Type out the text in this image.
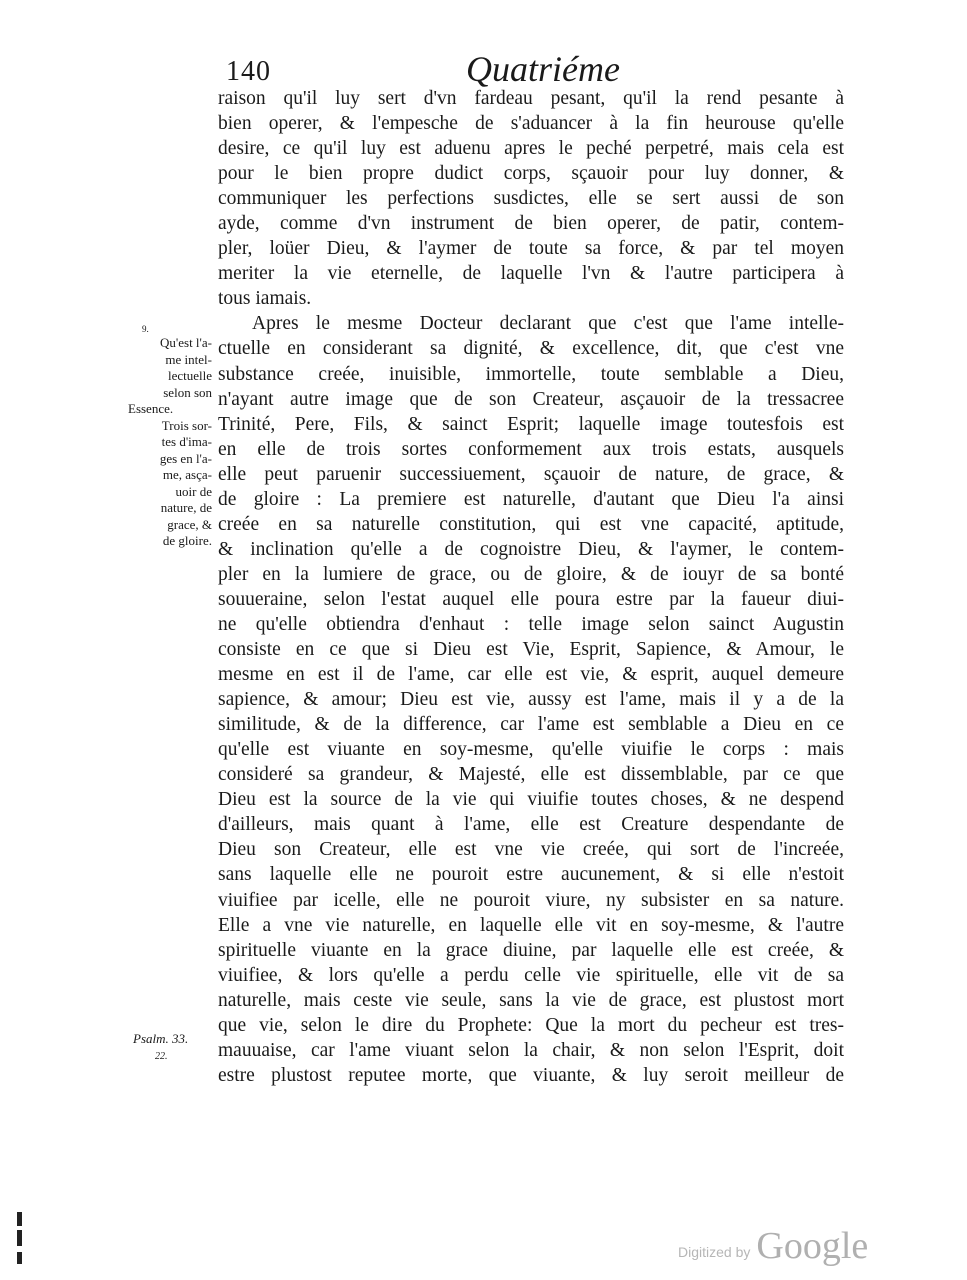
140	Quatriéme
raison qu'il luy sert d'vn fardeau pesant, qu'il la rend pesante à
bien operer, & l'empesche de s'aduancer à la fin heurouse qu'elle
desire, ce qu'il luy est aduenu apres le peché perpetré, mais cela est
pour le bien propre dudict corps, sçauoir pour luy donner, &
communiquer les perfections susdictes, elle se sert aussi de son
ayde, comme d'vn instrument de bien operer, de patir, contem-
pler, loüer Dieu, & l'aymer de toute sa force, & par tel moyen
meriter la vie eternelle, de laquelle l'vn & l'autre participera à
tous iamais.
Apres le mesme Docteur declarant que c'est que l'ame intelle-
ctuelle en considerant sa dignité, & excellence, dit, que c'est vne
substance creée, inuisible, immortelle, toute semblable a Dieu,
n'ayant autre image que de son Createur, asçauoir de la tressacree
Trinité, Pere, Fils, & sainct Esprit; laquelle image toutesfois est
en elle de trois sortes conformement aux trois estats, ausquels
elle peut paruenir successiuement, sçauoir de nature, de grace, &
de gloire : La premiere est naturelle, d'autant que Dieu l'a ainsi
creée en sa naturelle constitution, qui est vne capacité, aptitude,
& inclination qu'elle a de cognoistre Dieu, & l'aymer, le contem-
pler en la lumiere de grace, ou de gloire, & de iouyr de sa bonté
souueraine, selon l'estat auquel elle poura estre par la faueur diui-
ne qu'elle obtiendra d'enhaut : telle image selon sainct Augustin
consiste en ce que si Dieu est Vie, Esprit, Sapience, & Amour, le
mesme en est il de l'ame, car elle est vie, & esprit, auquel demeure
sapience, & amour; Dieu est vie, aussy est l'ame, mais il y a de la
similitude, & de la difference, car l'ame est semblable a Dieu en ce
qu'elle est viuante en soy-mesme, qu'elle viuifie le corps : mais
consideré sa grandeur, & Majesté, elle est dissemblable, par ce que
Dieu est la source de la vie qui viuifie toutes choses, & ne despend
d'ailleurs, mais quant à l'ame, elle est Creature despendante de
Dieu son Createur, elle est vne vie creée, qui sort de l'increée,
sans laquelle elle ne pouroit estre aucunement, & si elle n'estoit
viuifiee par icelle, elle ne pouroit viure, ny subsister en sa nature.
Elle a vne vie naturelle, en laquelle elle vit en soy-mesme, & l'autre
spirituelle viuante en la grace diuine, par laquelle elle est creée, &
viuifiee, & lors qu'elle a perdu celle vie spirituelle, elle vit de sa
naturelle, mais ceste vie seule, sans la vie de grace, est plustost mort
que vie, selon le dire du Prophete: Que la mort du pecheur est tres-
mauuaise, car l'ame viuant selon la chair, & non selon l'Esprit, doit
estre plustost reputee morte, que viuante, & luy seroit meilleur de
9.
Qu'est l'a-
me intel-
lectuelle
selon son
Essence.
Trois sor-
tes d'ima-
ges en l'a-
me, asça-
uoir de
nature, de
grace, &
de gloire.
Psalm. 33.
22.
Digitized by Google
